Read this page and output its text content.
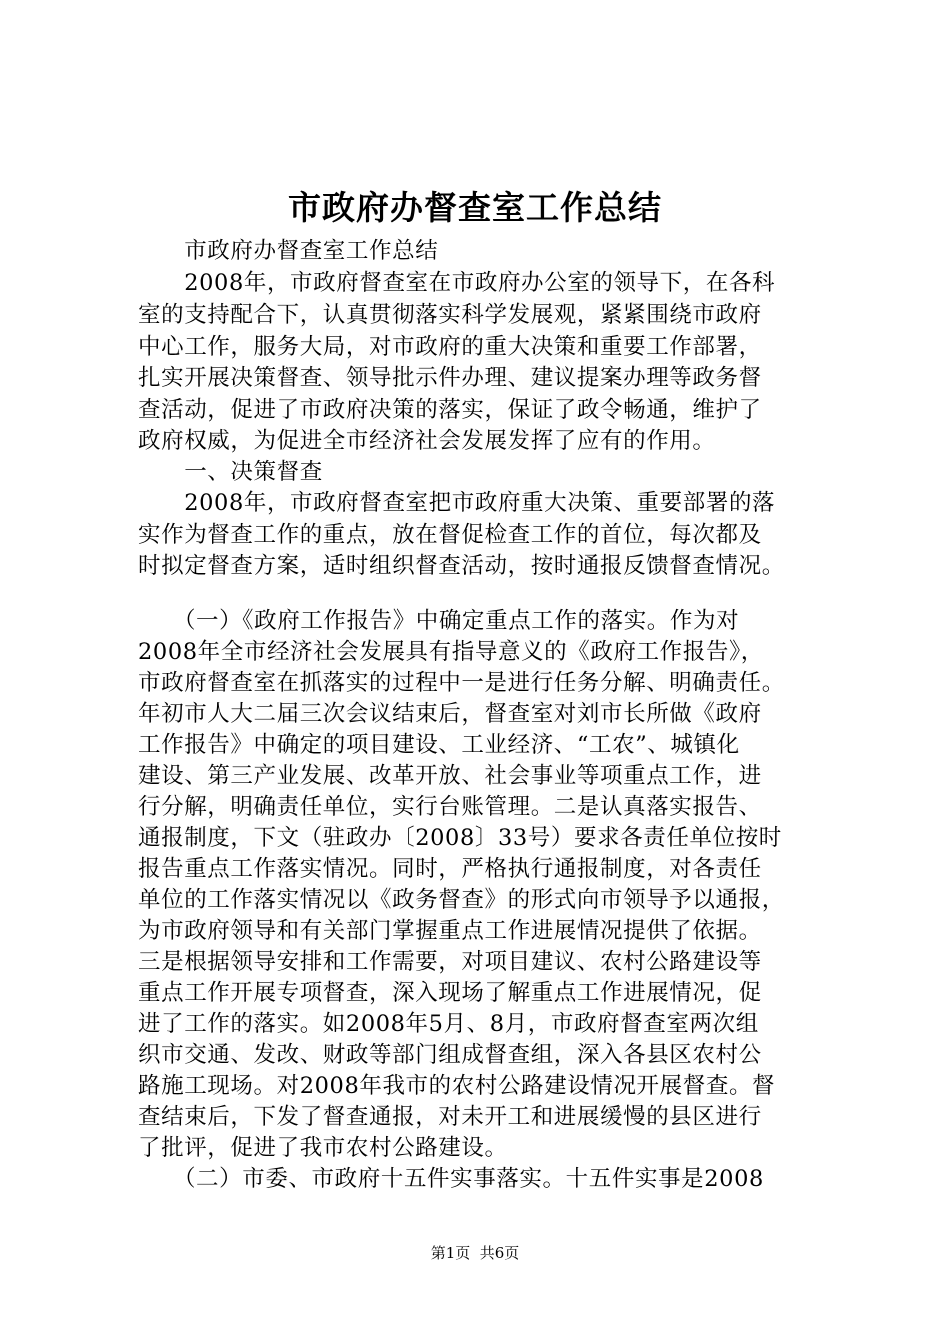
市政府办督查室工作总结
　　市政府办督查室工作总结
　　2008年，市政府督查室在市政府办公室的领导下，在各科
室的支持配合下，认真贯彻落实科学发展观，紧紧围绕市政府
中心工作，服务大局，对市政府的重大决策和重要工作部署，
扎实开展决策督查、领导批示件办理、建议提案办理等政务督
查活动，促进了市政府决策的落实，保证了政令畅通，维护了
政府权威，为促进全市经济社会发展发挥了应有的作用。
　　一、决策督查
　　2008年，市政府督查室把市政府重大决策、重要部署的落
实作为督查工作的重点，放在督促检查工作的首位，每次都及
时拟定督查方案，适时组织督查活动，按时通报反馈督查情况。
　　（一）《政府工作报告》中确定重点工作的落实。作为对
2008年全市经济社会发展具有指导意义的《政府工作报告》，
市政府督查室在抓落实的过程中一是进行任务分解、明确责任。
年初市人大二届三次会议结束后，督查室对刘市长所做《政府
工作报告》中确定的项目建设、工业经济、“工农”、城镇化
建设、第三产业发展、改革开放、社会事业等项重点工作，进
行分解，明确责任单位，实行台账管理。二是认真落实报告、
通报制度，下文（驻政办〔2008〕33号）要求各责任单位按时
报告重点工作落实情况。同时，严格执行通报制度，对各责任
单位的工作落实情况以《政务督查》的形式向市领导予以通报，
为市政府领导和有关部门掌握重点工作进展情况提供了依据。
三是根据领导安排和工作需要，对项目建议、农村公路建设等
重点工作开展专项督查，深入现场了解重点工作进展情况，促
进了工作的落实。如2008年5月、8月，市政府督查室两次组
织市交通、发改、财政等部门组成督查组，深入各县区农村公
路施工现场。对2008年我市的农村公路建设情况开展督查。督
查结束后，下发了督查通报，对未开工和进展缓慢的县区进行
了批评，促进了我市农村公路建设。
　　（二）市委、市政府十五件实事落实。十五件实事是2008
第1页  共6页
